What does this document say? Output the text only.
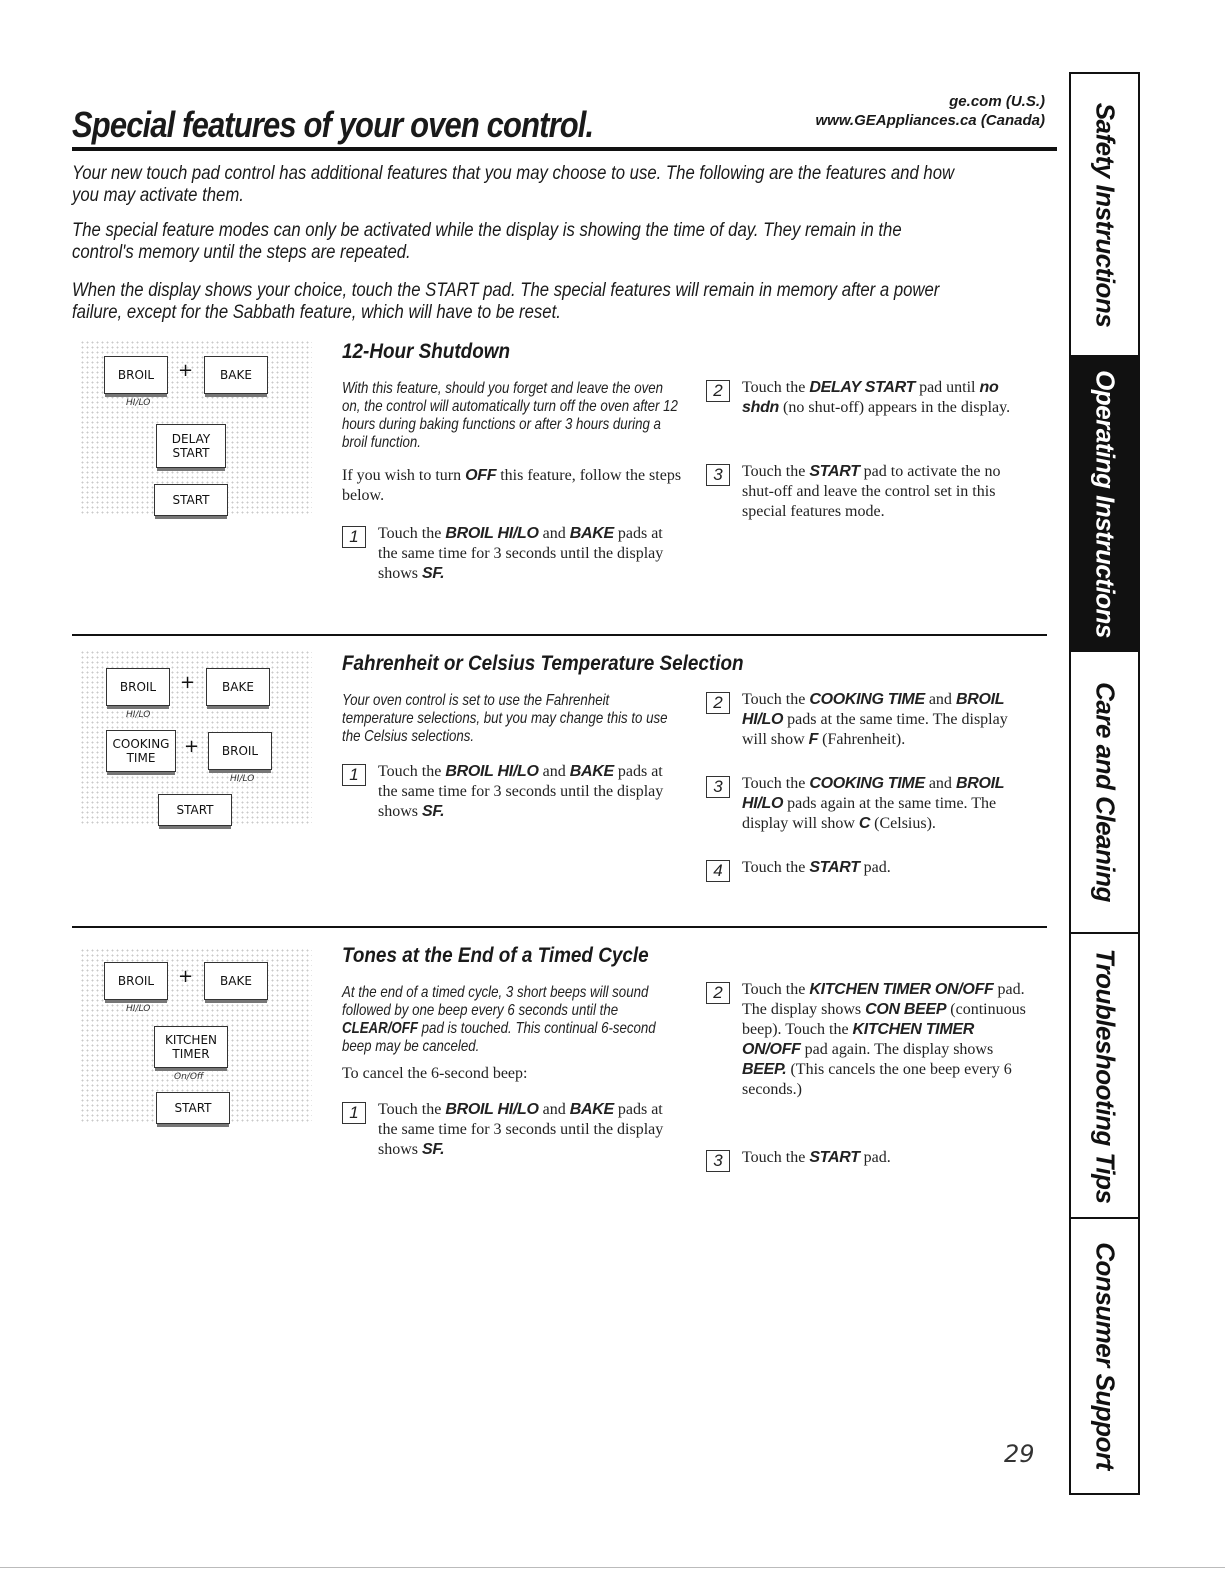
Special features of your oven control.
ge.com (U.S.)
www.GEAppliances.ca (Canada)

Your new touch pad control has additional features that you may choose to use. The following are the features and how you may activate them.

The special feature modes can only be activated while the display is showing the time of day. They remain in the control's memory until the steps are repeated.

When the display shows your choice, touch the START pad. The special features will remain in memory after a power failure, except for the Sabbath feature, which will have to be reset.

BROIL
HI/LO
+	BAKE
DELAY
START
START
12-Hour Shutdown

With this feature, should you forget and leave the oven on, the control will automatically turn off the oven after 12 hours during baking functions or after 3 hours during a broil function.

If you wish to turn OFF this feature, follow the steps below.

1	Touch the BROIL HI/LO and BAKE pads at the same time for 3 seconds until the display shows SF.
2	Touch the DELAY START pad until no shdn (no shut-off) appears in the display.
3	Touch the START pad to activate the no shut-off and leave the control set in this special features mode.
BROIL
HI/LO
+	BAKE
COOKING
TIME
+	BROIL
HI/LO
START
Fahrenheit or Celsius Temperature Selection

Your oven control is set to use the Fahrenheit temperature selections, but you may change this to use the Celsius selections.

1	Touch the BROIL HI/LO and BAKE pads at the same time for 3 seconds until the display shows SF.
2	Touch the COOKING TIME and BROIL HI/LO pads at the same time. The display will show F (Fahrenheit).
3	Touch the COOKING TIME and BROIL HI/LO pads again at the same time. The display will show C (Celsius).
4	Touch the START pad.
BROIL
HI/LO
+	BAKE
KITCHEN
TIMER
On/Off
START
Tones at the End of a Timed Cycle

At the end of a timed cycle, 3 short beeps will sound followed by one beep every 6 seconds until the CLEAR/OFF pad is touched. This continual 6-second beep may be canceled.

To cancel the 6-second beep:

1	Touch the BROIL HI/LO and BAKE pads at the same time for 3 seconds until the display shows SF.
2	Touch the KITCHEN TIMER ON/OFF pad. The display shows CON BEEP (continuous beep). Touch the KITCHEN TIMER ON/OFF pad again. The display shows BEEP. (This cancels the one beep every 6 seconds.)
3	Touch the START pad.
29
Safety Instructions
Operating Instructions
Care and Cleaning
Troubleshooting Tips
Consumer Support
